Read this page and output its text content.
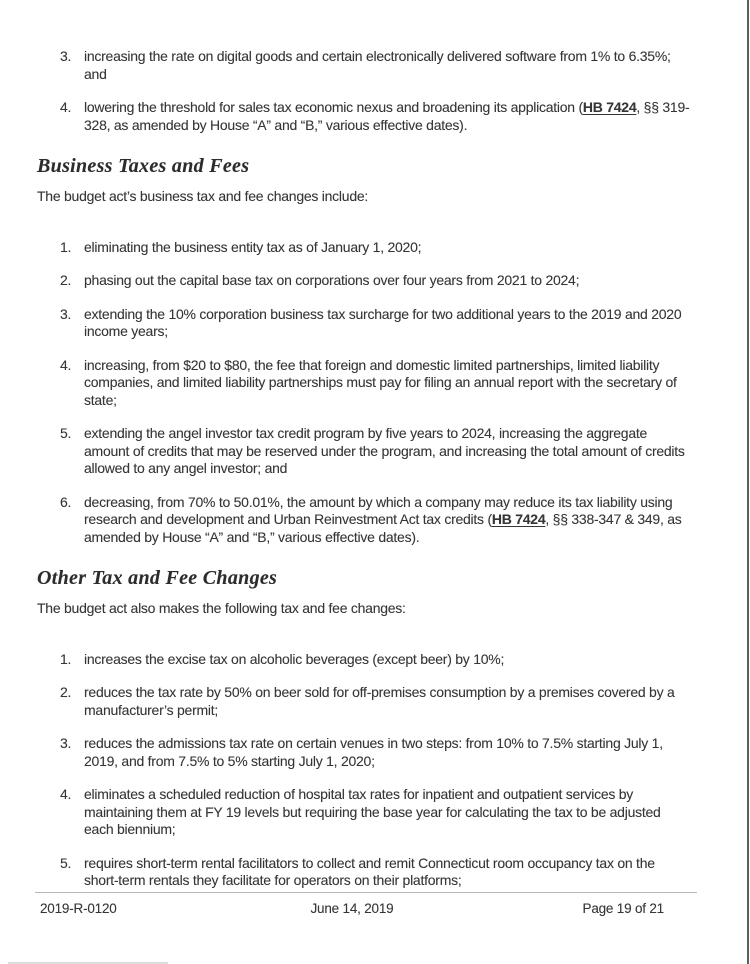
3. increasing the rate on digital goods and certain electronically delivered software from 1% to 6.35%; and
4. lowering the threshold for sales tax economic nexus and broadening its application (HB 7424, §§ 319-328, as amended by House “A” and “B,” various effective dates).
Business Taxes and Fees

The budget act’s business tax and fee changes include:

1. eliminating the business entity tax as of January 1, 2020;
2. phasing out the capital base tax on corporations over four years from 2021 to 2024;
3. extending the 10% corporation business tax surcharge for two additional years to the 2019 and 2020 income years;
4. increasing, from $20 to $80, the fee that foreign and domestic limited partnerships, limited liability companies, and limited liability partnerships must pay for filing an annual report with the secretary of state;
5. extending the angel investor tax credit program by five years to 2024, increasing the aggregate amount of credits that may be reserved under the program, and increasing the total amount of credits allowed to any angel investor; and
6. decreasing, from 70% to 50.01%, the amount by which a company may reduce its tax liability using research and development and Urban Reinvestment Act tax credits (HB 7424, §§ 338-347 & 349, as amended by House “A” and “B,” various effective dates).
Other Tax and Fee Changes

The budget act also makes the following tax and fee changes:

1. increases the excise tax on alcoholic beverages (except beer) by 10%;
2. reduces the tax rate by 50% on beer sold for off-premises consumption by a premises covered by a manufacturer’s permit;
3. reduces the admissions tax rate on certain venues in two steps: from 10% to 7.5% starting July 1, 2019, and from 7.5% to 5% starting July 1, 2020;
4. eliminates a scheduled reduction of hospital tax rates for inpatient and outpatient services by maintaining them at FY 19 levels but requiring the base year for calculating the tax to be adjusted each biennium;
5. requires short-term rental facilitators to collect and remit Connecticut room occupancy tax on the short-term rentals they facilitate for operators on their platforms;
2019-R-0120	June 14, 2019	Page 19 of 21
